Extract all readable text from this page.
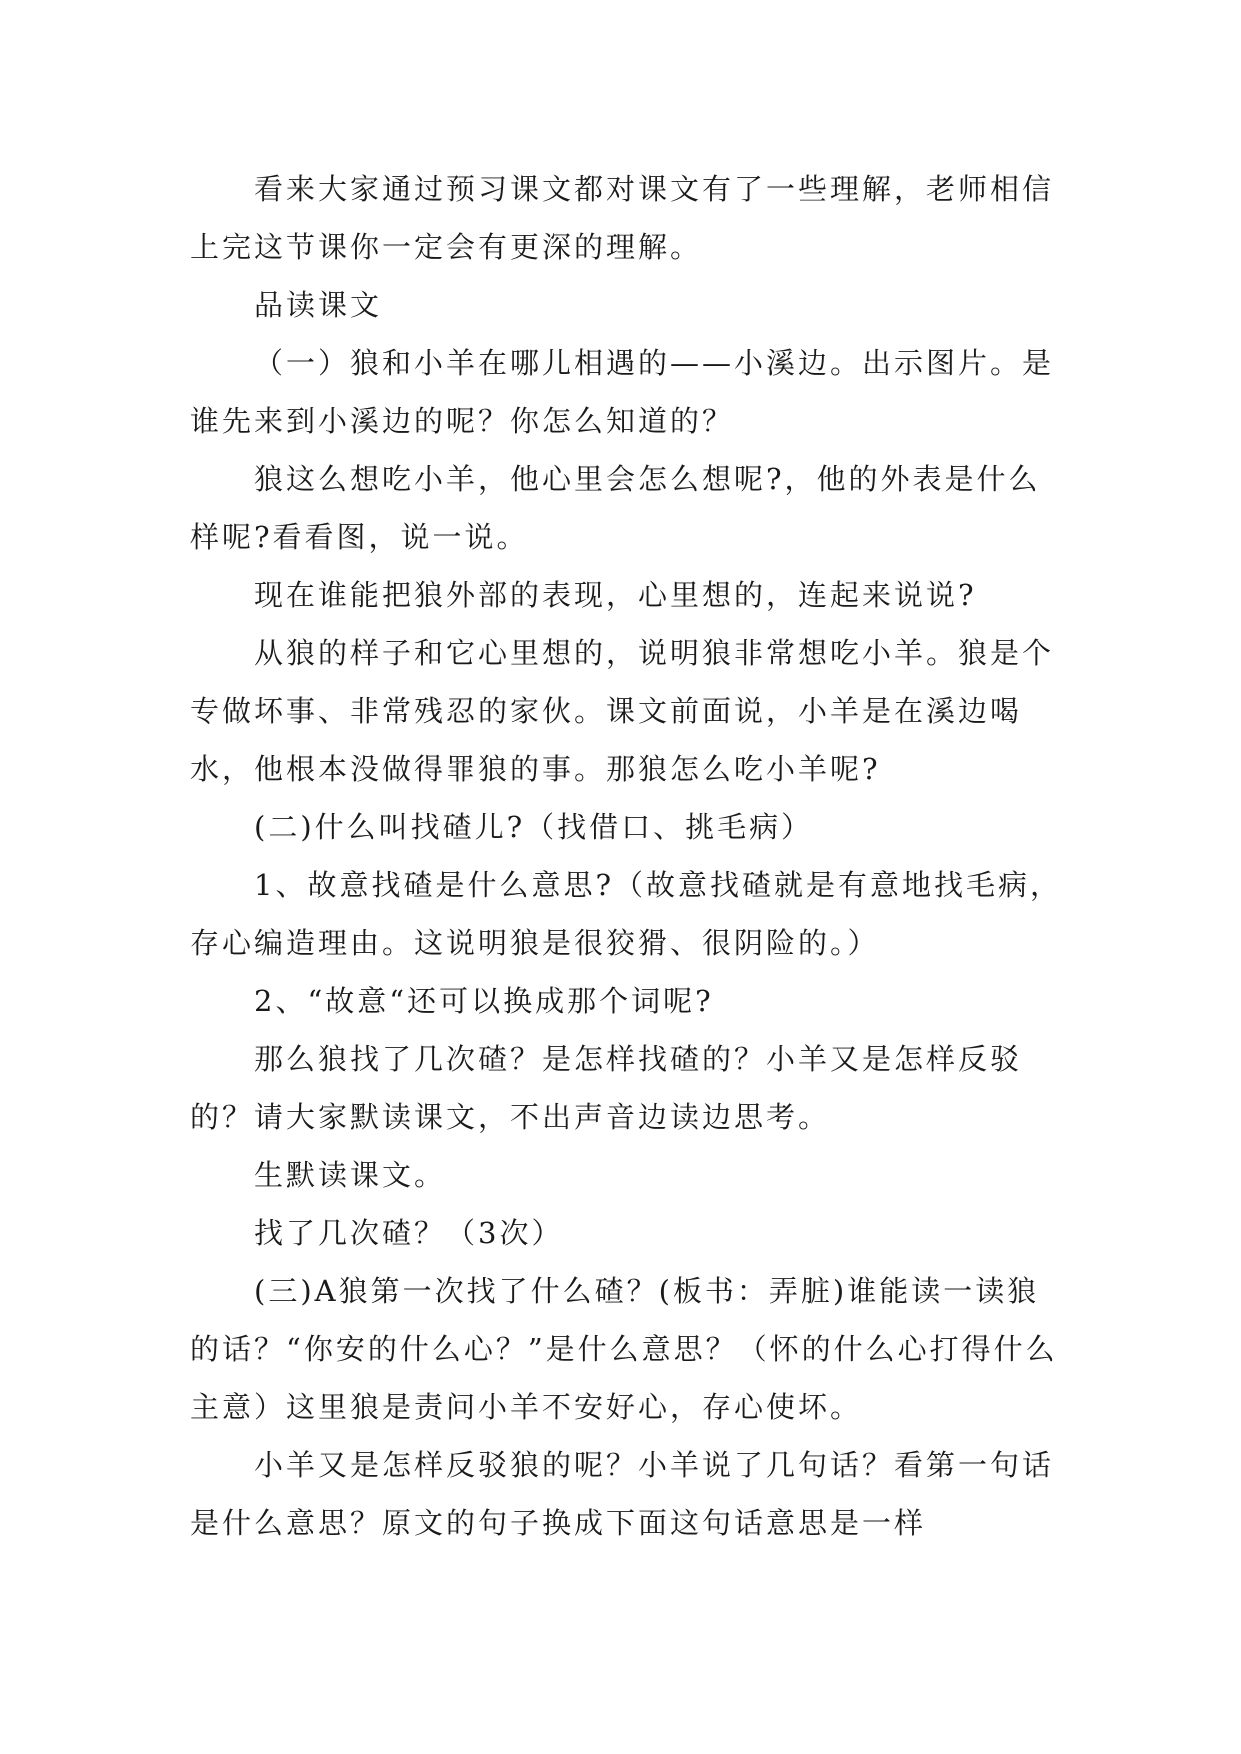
看来大家通过预习课文都对课文有了一些理解，老师相信上完这节课你一定会有更深的理解。

品读课文

（一）狼和小羊在哪儿相遇的——小溪边。出示图片。是谁先来到小溪边的呢？你怎么知道的？

狼这么想吃小羊，他心里会怎么想呢?，他的外表是什么样呢?看看图，说一说。

现在谁能把狼外部的表现，心里想的，连起来说说?

从狼的样子和它心里想的，说明狼非常想吃小羊。狼是个专做坏事、非常残忍的家伙。课文前面说，小羊是在溪边喝水，他根本没做得罪狼的事。那狼怎么吃小羊呢?

(二)什么叫找碴儿?（找借口、挑毛病）

1、故意找碴是什么意思?（故意找碴就是有意地找毛病，存心编造理由。这说明狼是很狡猾、很阴险的。）

2、“故意“还可以换成那个词呢?

那么狼找了几次碴？是怎样找碴的？小羊又是怎样反驳的？请大家默读课文，不出声音边读边思考。

生默读课文。

找了几次碴？（3次）

(三)A狼第一次找了什么碴？(板书：弄脏)谁能读一读狼的话？“你安的什么心？”是什么意思？（怀的什么心打得什么主意）这里狼是责问小羊不安好心，存心使坏。

小羊又是怎样反驳狼的呢？小羊说了几句话？看第一句话是什么意思？原文的句子换成下面这句话意思是一样
